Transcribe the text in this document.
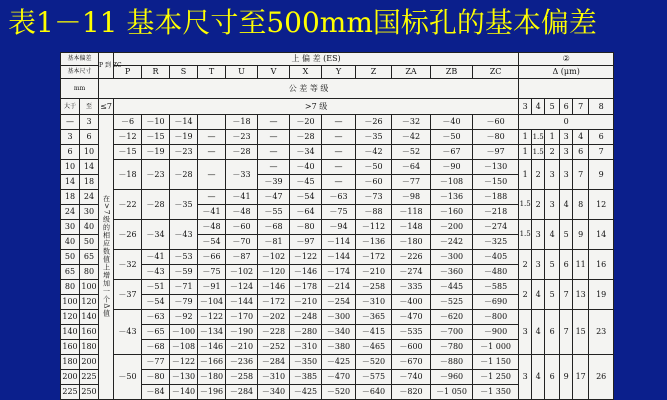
表1－11 基本尺寸至500mm国标孔的基本偏差
基本偏差		P 到 ZC	上 偏 差 (ES)												②					
基本尺寸			P	R	S	T	U	V	X	Y	Z	ZA	ZB	ZC	Δ (μm)					
mm		公 差 等 级																		
大于	至	≤7	>7 级												3	4	5	6	7	8
—	3	在>7级的相应数值上增加一个Δ值	－6	－10	－14		－18	—	－20	—	－26	－32	－40	－60	0					
3	6		－12	－15	－19	—	－23	—	－28	—	－35	－42	－50	－80	1	1.5	1	3	4	6
6	10		－15	－19	－23	—	－28	—	－34	—	－42	－52	－67	－97	1	1.5	2	3	6	7
10	14		－18	－23	－28	—	－33	—	－40	—	－50	－64	－90	－130	1	2	3	3	7	9
14	18							－39	－45	—	－60	－77	－108	－150						
18	24		－22	－28	－35	—	－41	－47	－54	－63	－73	－98	－136	－188	1.5	2	3	4	8	12
24	30					－41	－48	－55	－64	－75	－88	－118	－160	－218						
30	40		－26	－34	－43	－48	－60	－68	－80	－94	－112	－148	－200	－274	1.5	3	4	5	9	14
40	50					－54	－70	－81	－97	－114	－136	－180	－242	－325						
50	65		－32	－41	－53	－66	－87	－102	－122	－144	－172	－226	－300	－405	2	3	5	6	11	16
65	80			－43	－59	－75	－102	－120	－146	－174	－210	－274	－360	－480						
80	100		－37	－51	－71	－91	－124	－146	－178	－214	－258	－335	－445	－585	2	4	5	7	13	19
100	120			－54	－79	－104	－144	－172	－210	－254	－310	－400	－525	－690						
120	140		－43	－63	－92	－122	－170	－202	－248	－300	－365	－470	－620	－800	3	4	6	7	15	23
140	160			－65	－100	－134	－190	－228	－280	－340	－415	－535	－700	－900						
160	180			－68	－108	－146	－210	－252	－310	－380	－465	－600	－780	－1 000						
180	200		－50	－77	－122	－166	－236	－284	－350	－425	－520	－670	－880	－1 150	3	4	6	9	17	26
200	225			－80	－130	－180	－258	－310	－385	－470	－575	－740	－960	－1 250						
225	250			－84	－140	－196	－284	－340	－425	－520	－640	－820	－1 050	－1 350						
